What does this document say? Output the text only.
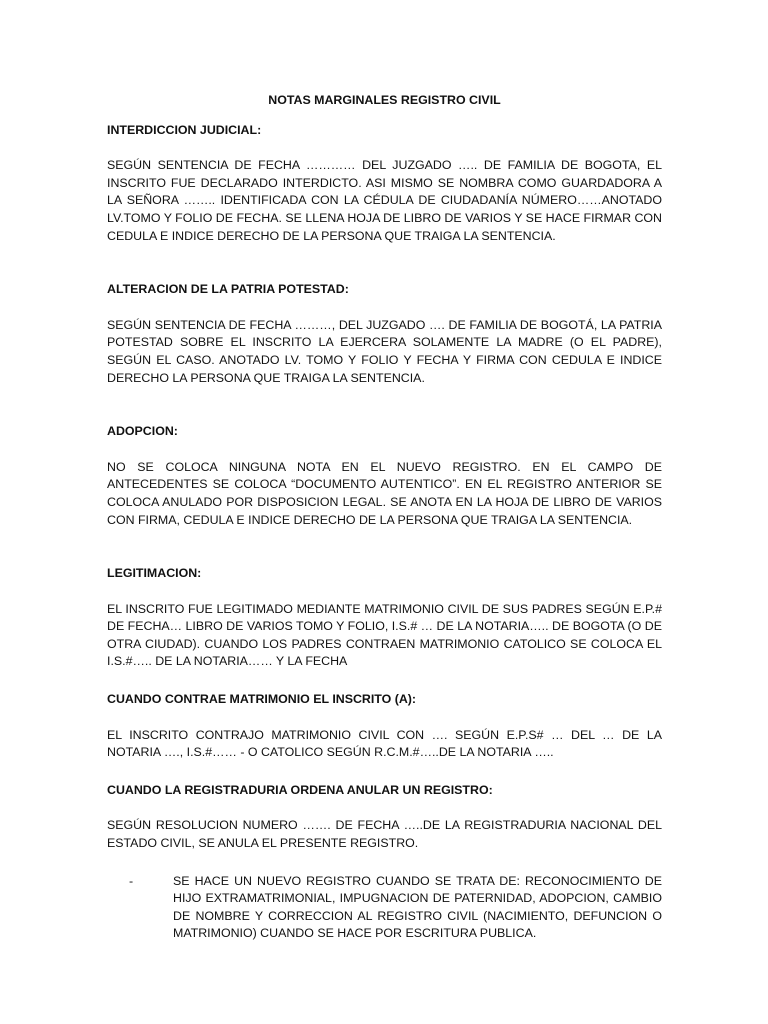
NOTAS MARGINALES REGISTRO CIVIL

INTERDICCION JUDICIAL:

SEGÚN SENTENCIA DE FECHA ………… DEL JUZGADO ….. DE FAMILIA DE BOGOTA, EL INSCRITO FUE DECLARADO INTERDICTO. ASI MISMO SE NOMBRA COMO GUARDADORA A LA SEÑORA …….. IDENTIFICADA CON LA CÉDULA DE CIUDADANÍA NÚMERO……ANOTADO LV.TOMO Y FOLIO DE FECHA. SE LLENA HOJA DE LIBRO DE VARIOS Y SE HACE FIRMAR CON CEDULA E INDICE DERECHO DE LA PERSONA QUE TRAIGA LA SENTENCIA.

ALTERACION DE LA PATRIA POTESTAD:

SEGÚN SENTENCIA DE FECHA ………, DEL JUZGADO …. DE FAMILIA DE BOGOTÁ, LA PATRIA POTESTAD SOBRE EL INSCRITO LA EJERCERA SOLAMENTE LA MADRE (O EL PADRE), SEGÚN EL CASO. ANOTADO LV. TOMO Y FOLIO Y FECHA Y FIRMA CON CEDULA E INDICE DERECHO LA PERSONA QUE TRAIGA LA SENTENCIA.

ADOPCION:

NO SE COLOCA NINGUNA NOTA EN EL NUEVO REGISTRO. EN EL CAMPO DE ANTECEDENTES SE COLOCA “DOCUMENTO AUTENTICO”. EN EL REGISTRO ANTERIOR SE COLOCA ANULADO POR DISPOSICION LEGAL. SE ANOTA EN LA HOJA DE LIBRO DE VARIOS CON FIRMA, CEDULA E INDICE DERECHO DE LA PERSONA QUE TRAIGA LA SENTENCIA.

LEGITIMACION:

EL INSCRITO FUE LEGITIMADO MEDIANTE MATRIMONIO CIVIL DE SUS PADRES SEGÚN E.P.# DE FECHA… LIBRO DE VARIOS TOMO Y FOLIO, I.S.# … DE LA NOTARIA….. DE BOGOTA (O DE OTRA CIUDAD). CUANDO LOS PADRES CONTRAEN MATRIMONIO CATOLICO SE COLOCA EL I.S.#….. DE LA NOTARIA…… Y LA FECHA

CUANDO CONTRAE MATRIMONIO EL INSCRITO (A):

EL INSCRITO CONTRAJO MATRIMONIO CIVIL CON …. SEGÚN E.P.S# … DEL … DE LA NOTARIA …., I.S.#…… - O CATOLICO SEGÚN R.C.M.#…..DE LA NOTARIA …..

CUANDO LA REGISTRADURIA ORDENA ANULAR UN REGISTRO:

SEGÚN RESOLUCION NUMERO ……. DE FECHA …..DE LA REGISTRADURIA NACIONAL DEL ESTADO CIVIL, SE ANULA EL PRESENTE REGISTRO.

-	SE HACE UN NUEVO REGISTRO CUANDO SE TRATA DE: RECONOCIMIENTO DE HIJO EXTRAMATRIMONIAL, IMPUGNACION DE PATERNIDAD, ADOPCION, CAMBIO DE NOMBRE Y CORRECCION AL REGISTRO CIVIL (NACIMIENTO, DEFUNCION O MATRIMONIO) CUANDO SE HACE POR ESCRITURA PUBLICA.
